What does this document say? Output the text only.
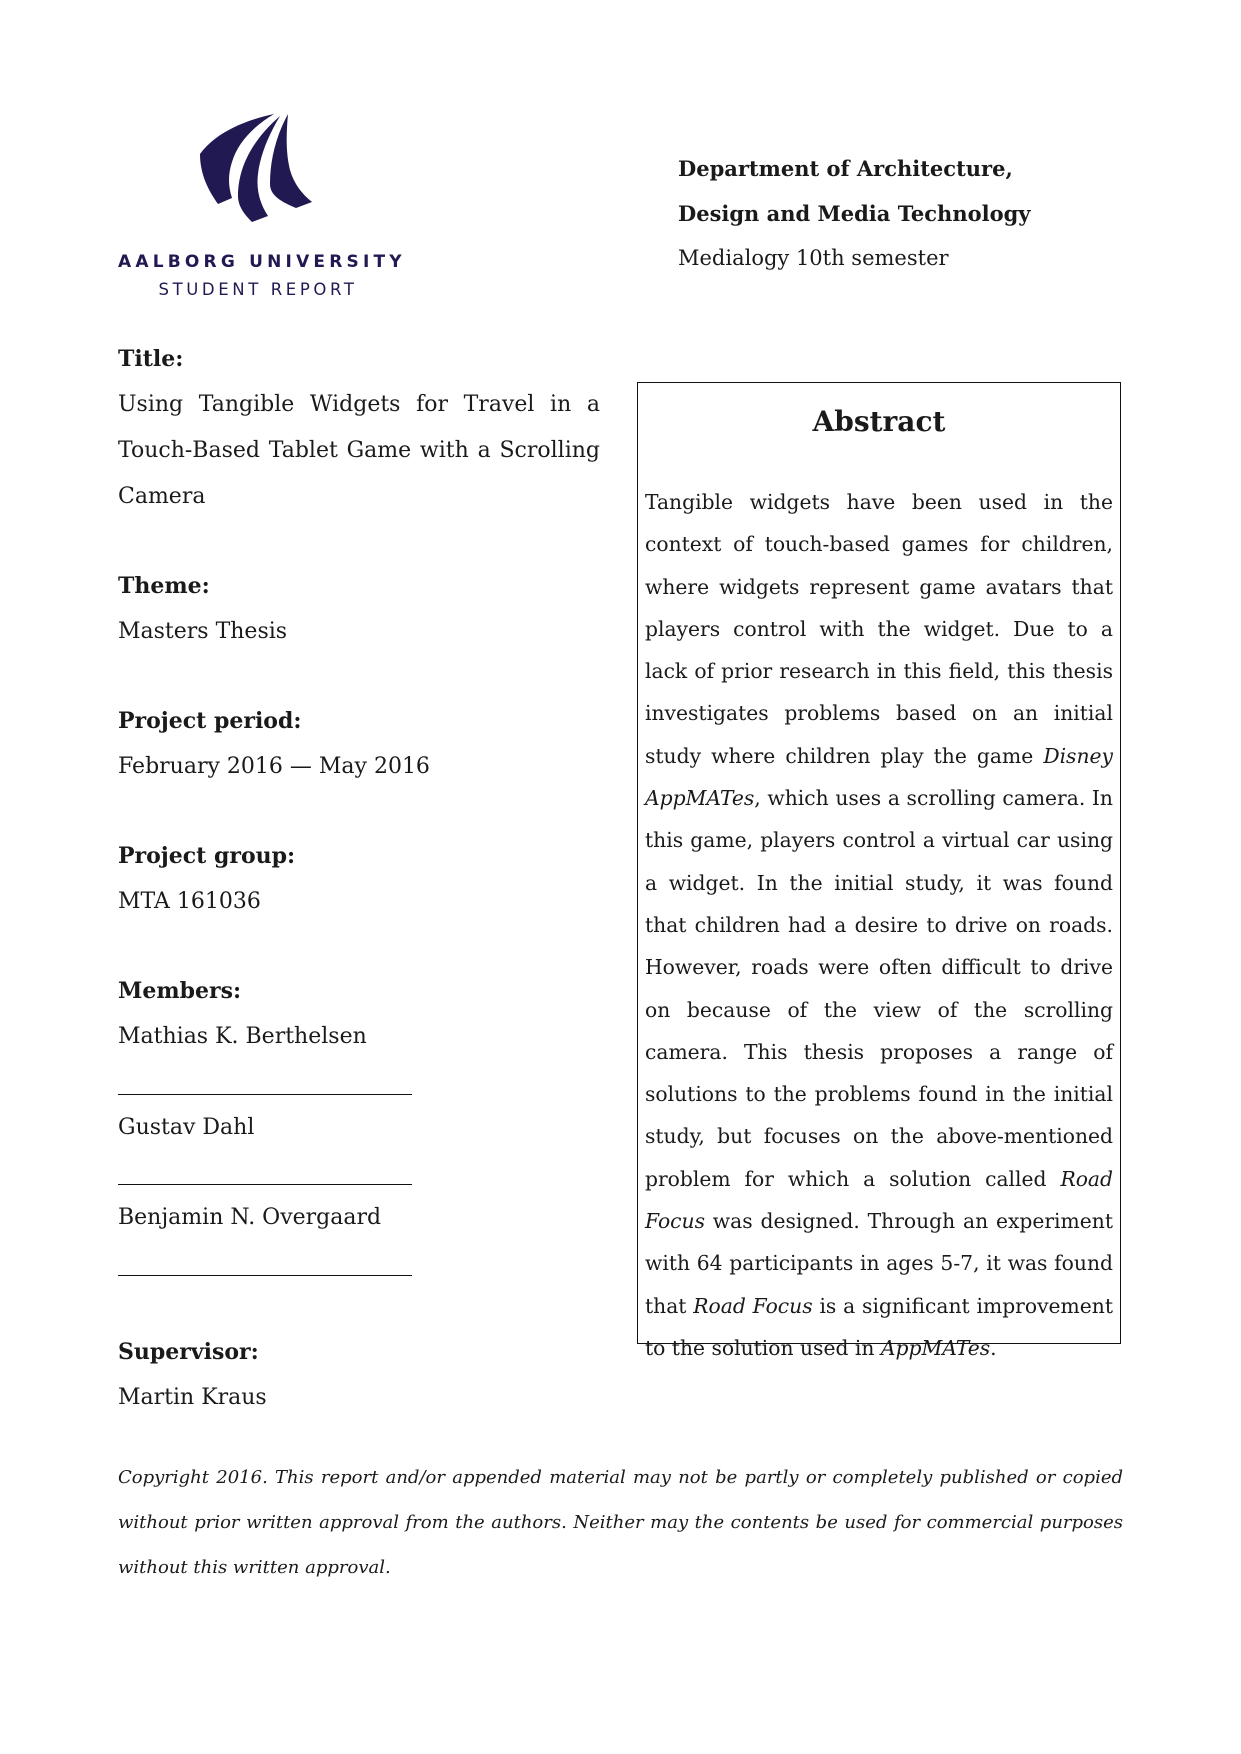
AALBORG UNIVERSITY
STUDENT REPORT
Department of Architecture,
Design and Media Technology
Medialogy 10th semester
Title:
Using Tangible Widgets for Travel in a Touch-Based Tablet Game with a Scrolling Camera
Theme:
Masters Thesis
Project period:
February 2016 — May 2016
Project group:
MTA 161036
Members:
Mathias K. Berthelsen
Gustav Dahl
Benjamin N. Overgaard
Supervisor:
Martin Kraus
Abstract
Tangible widgets have been used in the context of touch-based games for children, where widgets represent game avatars that players control with the widget. Due to a lack of prior research in this field, this thesis investigates problems based on an initial study where children play the game Disney AppMATes, which uses a scrolling camera. In this game, players control a virtual car using a widget. In the initial study, it was found that children had a desire to drive on roads. However, roads were often difficult to drive on because of the view of the scrolling camera. This thesis proposes a range of solutions to the problems found in the initial study, but focuses on the above-mentioned problem for which a solution called Road Focus was designed. Through an experiment with 64 participants in ages 5-7, it was found that Road Focus is a significant improvement to the solution used in AppMATes.
Copyright 2016. This report and/or appended material may not be partly or completely published or copied without prior written approval from the authors. Neither may the contents be used for commercial purposes without this written approval.
